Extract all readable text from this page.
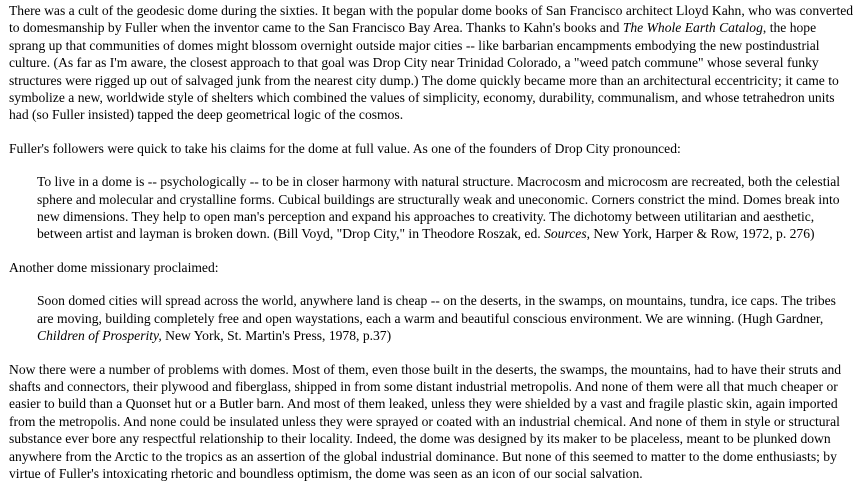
There was a cult of the geodesic dome during the sixties. It began with the popular dome books of San Francisco architect Lloyd Kahn, who was converted to domesmanship by Fuller when the inventor came to the San Francisco Bay Area. Thanks to Kahn's books and The Whole Earth Catalog, the hope sprang up that communities of domes might blossom overnight outside major cities -- like barbarian encampments embodying the new postindustrial culture. (As far as I'm aware, the closest approach to that goal was Drop City near Trinidad Colorado, a "weed patch commune" whose several funky structures were rigged up out of salvaged junk from the nearest city dump.) The dome quickly became more than an architectural eccentricity; it came to symbolize a new, worldwide style of shelters which combined the values of simplicity, economy, durability, communalism, and whose tetrahedron units had (so Fuller insisted) tapped the deep geometrical logic of the cosmos.

Fuller's followers were quick to take his claims for the dome at full value. As one of the founders of Drop City pronounced:

To live in a dome is -- psychologically -- to be in closer harmony with natural structure. Macrocosm and microcosm are recreated, both the celestial sphere and molecular and crystalline forms. Cubical buildings are structurally weak and uneconomic. Corners constrict the mind. Domes break into new dimensions. They help to open man's perception and expand his approaches to creativity. The dichotomy between utilitarian and aesthetic, between artist and layman is broken down. (Bill Voyd, "Drop City," in Theodore Roszak, ed. Sources, New York, Harper & Row, 1972, p. 276)

Another dome missionary proclaimed:

Soon domed cities will spread across the world, anywhere land is cheap -- on the deserts, in the swamps, on mountains, tundra, ice caps. The tribes are moving, building completely free and open waystations, each a warm and beautiful conscious environment. We are winning. (Hugh Gardner, Children of Prosperity, New York, St. Martin's Press, 1978, p.37)

Now there were a number of problems with domes. Most of them, even those built in the deserts, the swamps, the mountains, had to have their struts and shafts and connectors, their plywood and fiberglass, shipped in from some distant industrial metropolis. And none of them were all that much cheaper or easier to build than a Quonset hut or a Butler barn. And most of them leaked, unless they were shielded by a vast and fragile plastic skin, again imported from the metropolis. And none could be insulated unless they were sprayed or coated with an industrial chemical. And none of them in style or structural substance ever bore any respectful relationship to their locality. Indeed, the dome was designed by its maker to be placeless, meant to be plunked down anywhere from the Arctic to the tropics as an assertion of the global industrial dominance. But none of this seemed to matter to the dome enthusiasts; by virtue of Fuller's intoxicating rhetoric and boundless optimism, the dome was seen as an icon of our social salvation.
